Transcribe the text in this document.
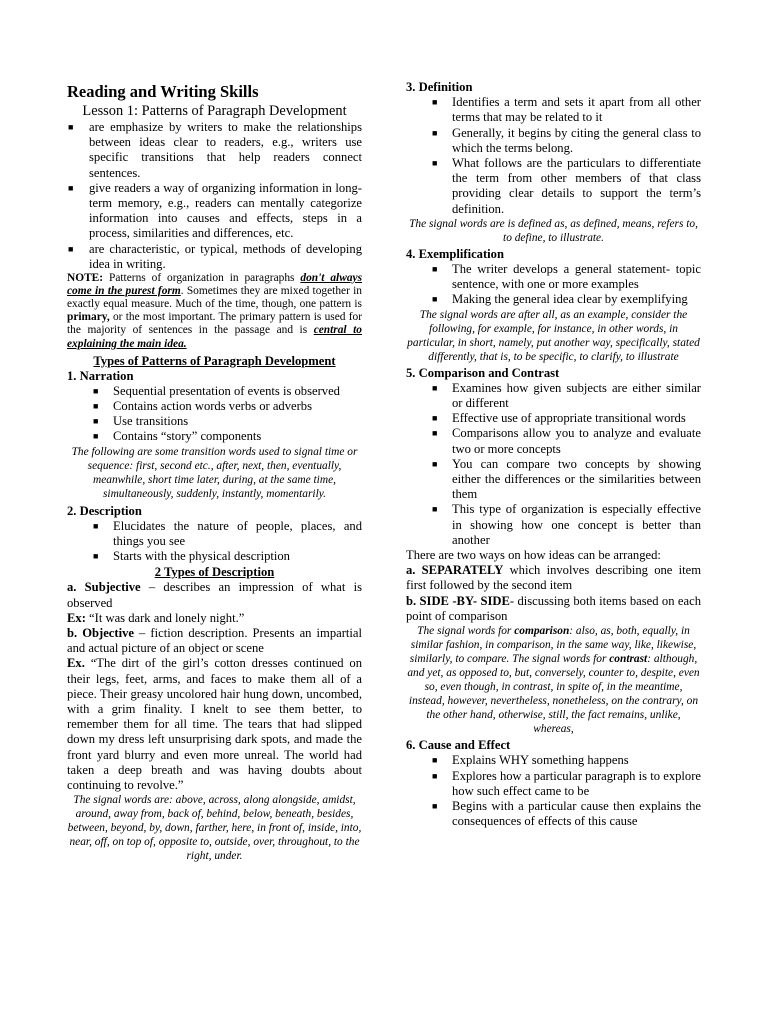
Reading and Writing Skills

Lesson 1: Patterns of Paragraph Development

■	are emphasize by writers to make the relationships between ideas clear to readers, e.g., writers use specific transitions that help readers connect sentences.
■	give readers a way of organizing information in long-term memory, e.g., readers can mentally categorize information into causes and effects, steps in a process, similarities and differences, etc.
■	are characteristic, or typical, methods of developing idea in writing.

NOTE: Patterns of organization in paragraphs don't always come in the purest form. Sometimes they are mixed together in exactly equal measure. Much of the time, though, one pattern is primary, or the most important. The primary pattern is used for the majority of sentences in the passage and is central to explaining the main idea.

Types of Patterns of Paragraph Development

1. Narration

■	Sequential presentation of events is observed
■	Contains action words verbs or adverbs
■	Use transitions
■	Contains “story” components

The following are some transition words used to signal time or sequence: first, second etc., after, next, then, eventually, meanwhile, short time later, during, at the same time, simultaneously, suddenly, instantly, momentarily.

2. Description

■	Elucidates the nature of people, places, and things you see
■	Starts with the physical description

2 Types of Description

a. Subjective – describes an impression of what is observed

Ex: “It was dark and lonely night.”

b. Objective – fiction description. Presents an impartial and actual picture of an object or scene

Ex. “The dirt of the girl’s cotton dresses continued on their legs, feet, arms, and faces to make them all of a piece. Their greasy uncolored hair hung down, uncombed, with a grim finality. I knelt to see them better, to remember them for all time. The tears that had slipped down my dress left unsurprising dark spots, and made the front yard blurry and even more unreal. The world had taken a deep breath and was having doubts about continuing to revolve.”

The signal words are: above, across, along alongside, amidst, around, away from, back of, behind, below, beneath, besides, between, beyond, by, down, farther, here, in front of, inside, into, near, off, on top of, opposite to, outside, over, throughout, to the right, under.

3. Definition

■	Identifies a term and sets it apart from all other terms that may be related to it
■	Generally, it begins by citing the general class to which the terms belong.
■	What follows are the particulars to differentiate the term from other members of that class providing clear details to support the term’s definition.

The signal words are is defined as, as defined, means, refers to, to define, to illustrate.

4. Exemplification

■	The writer develops a general statement- topic sentence, with one or more examples
■	Making the general idea clear by exemplifying

The signal words are after all, as an example, consider the following, for example, for instance, in other words, in particular, in short, namely, put another way, specifically, stated differently, that is, to be specific, to clarify, to illustrate

5. Comparison and Contrast

■	Examines how given subjects are either similar or different
■	Effective use of appropriate transitional words
■	Comparisons allow you to analyze and evaluate two or more concepts
■	You can compare two concepts by showing either the differences or the similarities between them
■	This type of organization is especially effective in showing how one concept is better than another

There are two ways on how ideas can be arranged:

a. SEPARATELY which involves describing one item first followed by the second item

b. SIDE -BY- SIDE- discussing both items based on each point of comparison

The signal words for comparison: also, as, both, equally, in similar fashion, in comparison, in the same way, like, likewise, similarly, to compare. The signal words for contrast: although, and yet, as opposed to, but, conversely, counter to, despite, even so, even though, in contrast, in spite of, in the meantime, instead, however, nevertheless, nonetheless, on the contrary, on the other hand, otherwise, still, the fact remains, unlike, whereas,

6. Cause and Effect

■	Explains WHY something happens
■	Explores how a particular paragraph is to explore how such effect came to be
■	Begins with a particular cause then explains the consequences of effects of this cause
